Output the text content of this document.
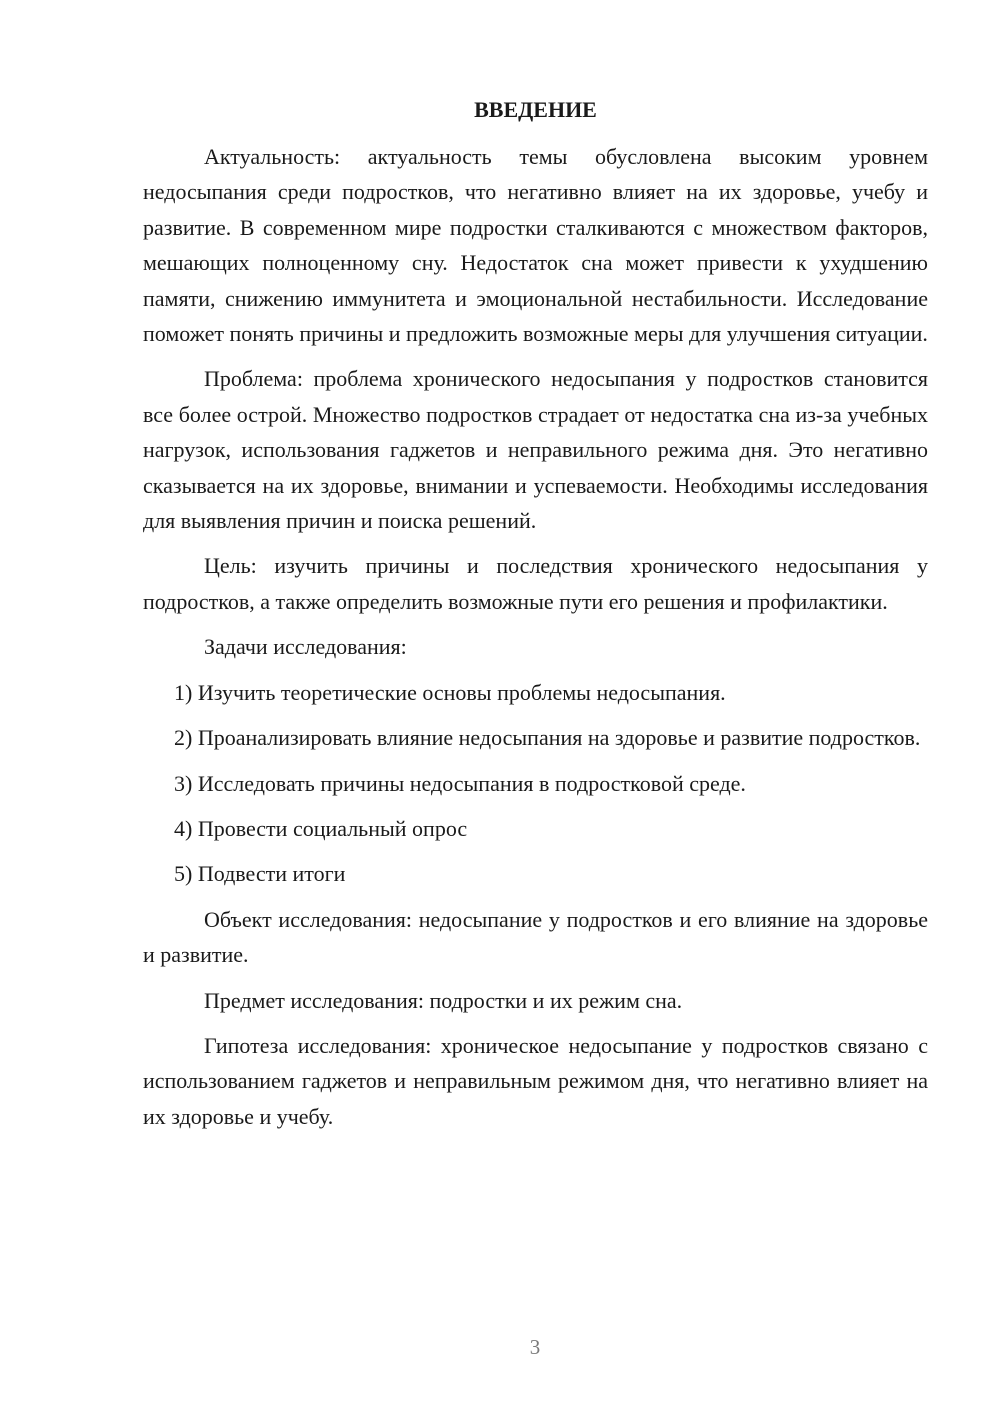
ВВЕДЕНИЕ

Актуальность: актуальность темы обусловлена высоким уровнем недосыпания среди подростков, что негативно влияет на их здоровье, учебу и развитие. В современном мире подростки сталкиваются с множеством факторов, мешающих полноценному сну. Недостаток сна может привести к ухудшению памяти, снижению иммунитета и эмоциональной нестабильности. Исследование поможет понять причины и предложить возможные меры для улучшения ситуации.

Проблема: проблема хронического недосыпания у подростков становится все более острой. Множество подростков страдает от недостатка сна из-за учебных нагрузок, использования гаджетов и неправильного режима дня. Это негативно сказывается на их здоровье, внимании и успеваемости. Необходимы исследования для выявления причин и поиска решений.

Цель: изучить причины и последствия хронического недосыпания у подростков, а также определить возможные пути его решения и профилактики.

Задачи исследования:

1) Изучить теоретические основы проблемы недосыпания.

2) Проанализировать влияние недосыпания на здоровье и развитие подростков.

3) Исследовать причины недосыпания в подростковой среде.

4) Провести социальный опрос

5) Подвести итоги

Объект исследования: недосыпание у подростков и его влияние на здоровье и развитие.

Предмет исследования: подростки и их режим сна.

Гипотеза исследования: хроническое недосыпание у подростков связано с использованием гаджетов и неправильным режимом дня, что негативно влияет на их здоровье и учебу.

3
